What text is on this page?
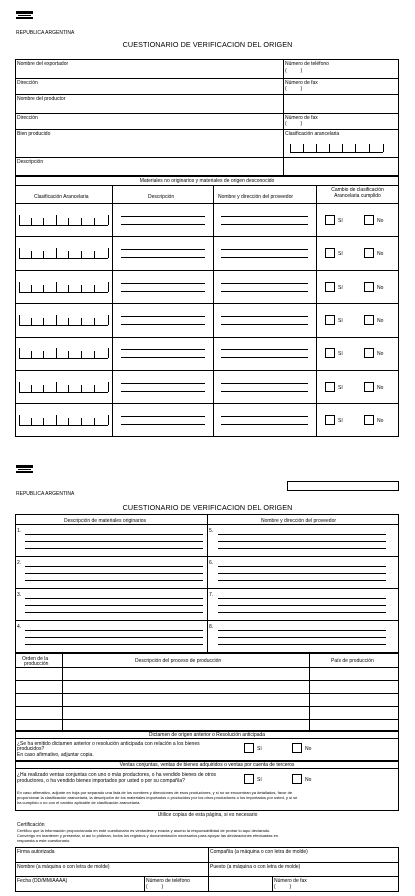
REPUBLICA ARGENTINA
CUESTIONARIO DE VERIFICACION DEL ORIGEN
Nombre del exportador	Número de teléfono
(          )
Dirección	Número de fax
(          )
Nombre del productor
Dirección	Número de fax
(          )
Bien producido	Clasificación arancelaria
Descripción
Materiales no originarios y materiales de origen desconocido
Clasificación Arancelaria	Descripción	Nombre y dirección del proveedor
Cambio de clasificación
Arancelaria cumplido
Sí	No
Sí	No
Sí	No
Sí	No
Sí	No
Sí	No
Sí	No
REPUBLICA ARGENTINA
CUESTIONARIO DE VERIFICACION DEL ORIGEN
Descripción de materiales originarios	Nombre y dirección del proveedor
1.	5.
2.	6.
3.	7.
4.	8.
Orden de la
producción	Descripción del proceso de producción	País de producción
Dictamen de origen anterior o Resolución anticipada
¿Se ha emitido dictamen anterior o resolución anticipada con relación a los bienes
producidos?
En caso afirmativo, adjuntar copia.
Sí	No
Ventas conjuntas, ventas de bienes adquiridos o ventas por cuenta de terceros
¿Ha realizado ventas conjuntas con uno o más productores, o ha vendido bienes de otros
productores, o ha vendido bienes importados por usted o por su compañía?	Sí	No
En caso afirmativo, adjunte en hoja por separado una lista de los nombres y direcciones de esos productores, y si no se encuentran ya detallados, favor de
proporcionar la clasificación arancelaria, la descripción de los materiales importados o producidos por los otros productores o los importados por usted, y si se
ha cumplido o no con el cambio aplicable de clasificación arancelaria.
Utilice copias de esta página, si es necesario
Certificación
Certifico que la información proporcionada en este cuestionario es verdadera y exacta y asumo la responsabilidad de probar lo aquí declarado.
Convengo en mantener y presentar, si así lo pidieran, todos los registros y documentación necesarios para apoyar las declaraciones efectuadas en
respuesta a este cuestionario.
Firma autorizada	Compañía (a máquina o con letra de molde)
Nombre (a máquina o con letra de molde)	Puesto (a máquina o con letra de molde)
Fecha (DD/MM/AAAA)	Número de teléfono
(          )
Número de fax
(          )
